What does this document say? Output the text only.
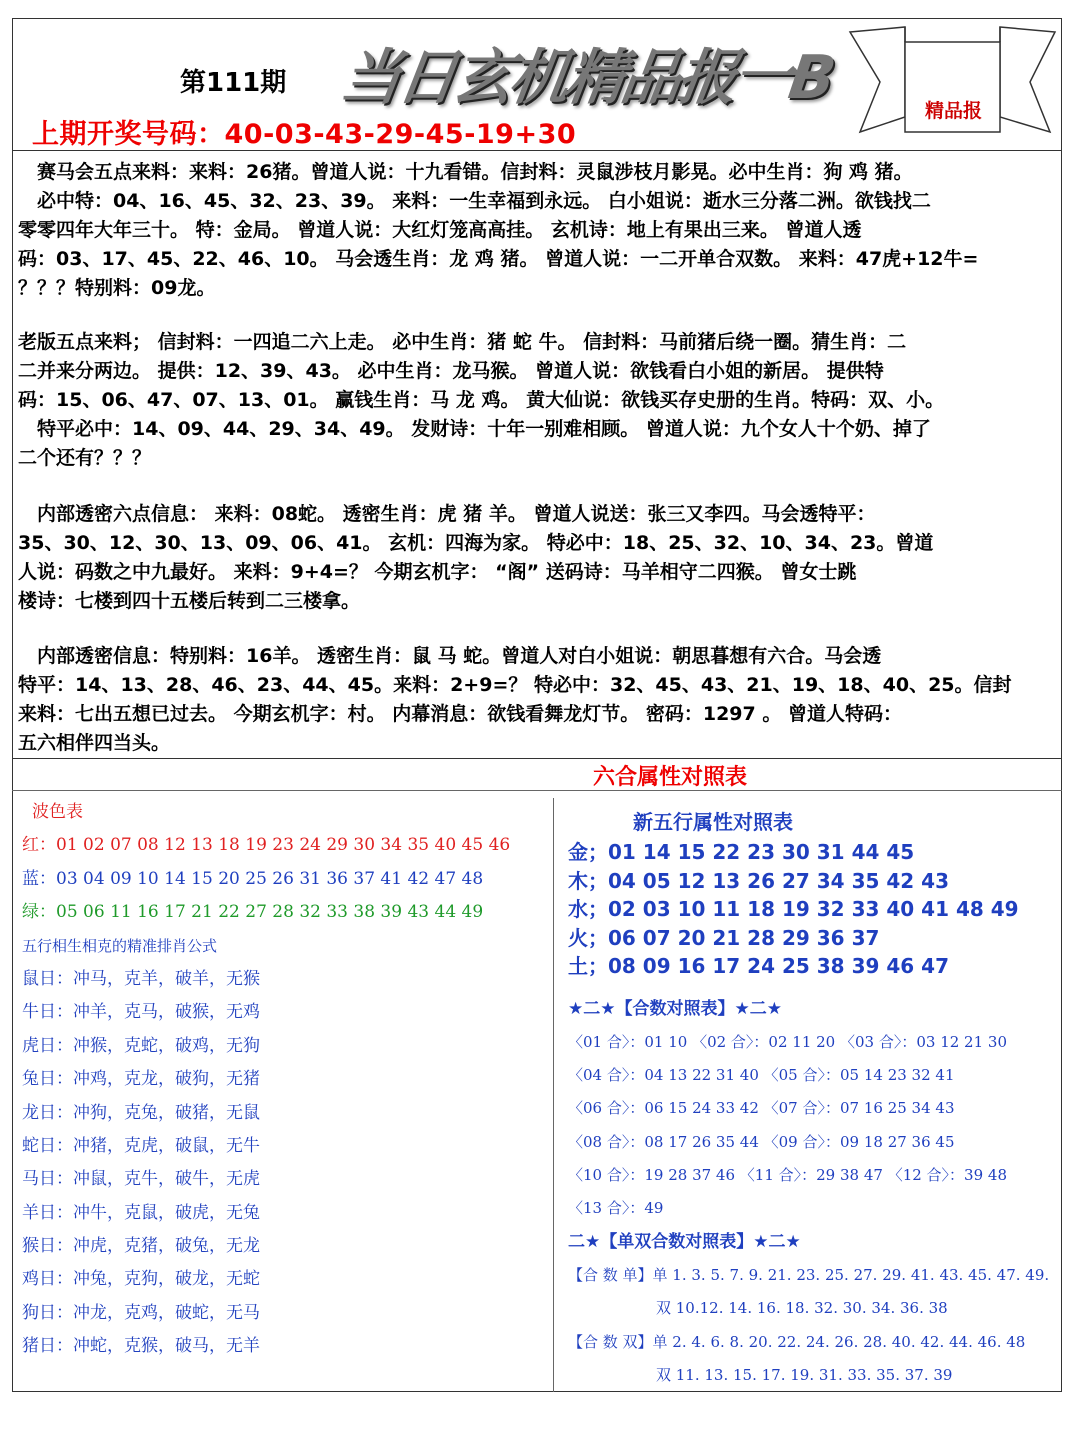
第111期
上期开奖号码：40-03-43-29-45-19+30
当日玄机精品报一B	精品报
　赛马会五点来料：来料：26猪。曾道人说：十九看错。信封料：灵鼠涉枝月影晃。必中生肖：狗 鸡 猪。
　必中特：04、16、45、32、23、39。 来料：一生幸福到永远。 白小姐说：逝水三分落二洲。欲钱找二
零零四年大年三十。 特：金局。 曾道人说：大红灯笼高高挂。 玄机诗：地上有果出三来。 曾道人透
码：03、17、45、22、46、10。 马会透生肖：龙 鸡 猪。 曾道人说：一二开单合双数。 来料：47虎+12牛=
？？？特别料：09龙。
老版五点来料； 信封料：一四追二六上走。 必中生肖：猪 蛇 牛。 信封料：马前猪后绕一圈。猜生肖：二
二并来分两边。 提供：12、39、43。 必中生肖：龙马猴。 曾道人说：欲钱看白小姐的新居。 提供特
码：15、06、47、07、13、01。 赢钱生肖：马 龙 鸡。 黄大仙说：欲钱买存史册的生肖。特码：双、小。
　特平必中：14、09、44、29、34、49。 发财诗：十年一别难相顾。 曾道人说：九个女人十个奶、掉了
二个还有？？？
　内部透密六点信息： 来料：08蛇。 透密生肖：虎 猪 羊。 曾道人说送：张三又李四。马会透特平：
35、30、12、30、13、09、06、41。 玄机：四海为家。 特必中：18、25、32、10、34、23。曾道
人说：码数之中九最好。 来料：9+4=？ 今期玄机字： “阁” 送码诗：马羊相守二四猴。 曾女士跳
楼诗：七楼到四十五楼后转到二三楼拿。
　内部透密信息：特别料：16羊。 透密生肖：鼠 马 蛇。曾道人对白小姐说：朝思暮想有六合。马会透
特平：14、13、28、46、23、44、45。来料：2+9=？ 特必中：32、45、43、21、19、18、40、25。信封
来料：七出五想已过去。 今期玄机字：村。 内幕消息：欲钱看舞龙灯节。 密码：1297 。 曾道人特码：
五六相伴四当头。
六合属性对照表
波色表
红：01 02 07 08 12 13 18 19 23 24 29 30 34 35 40 45 46
蓝：03 04 09 10 14 15 20 25 26 31 36 37 41 42 47 48
绿：05 06 11 16 17 21 22 27 28 32 33 38 39 43 44 49
五行相生相克的精准排肖公式
鼠日：冲马，克羊，破羊，无猴
牛日：冲羊，克马，破猴，无鸡
虎日：冲猴，克蛇，破鸡，无狗
兔日：冲鸡，克龙，破狗，无猪
龙日：冲狗，克兔，破猪，无鼠
蛇日：冲猪，克虎，破鼠，无牛
马日：冲鼠，克牛，破牛，无虎
羊日：冲牛，克鼠，破虎，无兔
猴日：冲虎，克猪，破兔，无龙
鸡日：冲兔，克狗，破龙，无蛇
狗日：冲龙，克鸡，破蛇，无马
猪日：冲蛇，克猴，破马，无羊
新五行属性对照表
金；01 14 15 22 23 30 31 44 45
木；04 05 12 13 26 27 34 35 42 43
水；02 03 10 11 18 19 32 33 40 41 48 49
火；06 07 20 21 28 29 36 37
土；08 09 16 17 24 25 38 39 46 47
★二★【合数对照表】★二★
〈01 合〉：01 10 〈02 合〉：02 11 20 〈03 合〉：03 12 21 30
〈04 合〉：04 13 22 31 40 〈05 合〉：05 14 23 32 41
〈06 合〉：06 15 24 33 42 〈07 合〉：07 16 25 34 43
〈08 合〉：08 17 26 35 44 〈09 合〉：09 18 27 36 45
〈10 合〉：19 28 37 46 〈11 合〉：29 38 47 〈12 合〉：39 48
〈13 合〉：49
二★【单双合数对照表】★二★
【合 数 单】单 1. 3. 5. 7. 9. 21. 23. 25. 27. 29. 41. 43. 45. 47. 49.
双 10.12. 14. 16. 18. 32. 30. 34. 36. 38
【合 数 双】单 2. 4. 6. 8. 20. 22. 24. 26. 28. 40. 42. 44. 46. 48
双 11. 13. 15. 17. 19. 31. 33. 35. 37. 39
